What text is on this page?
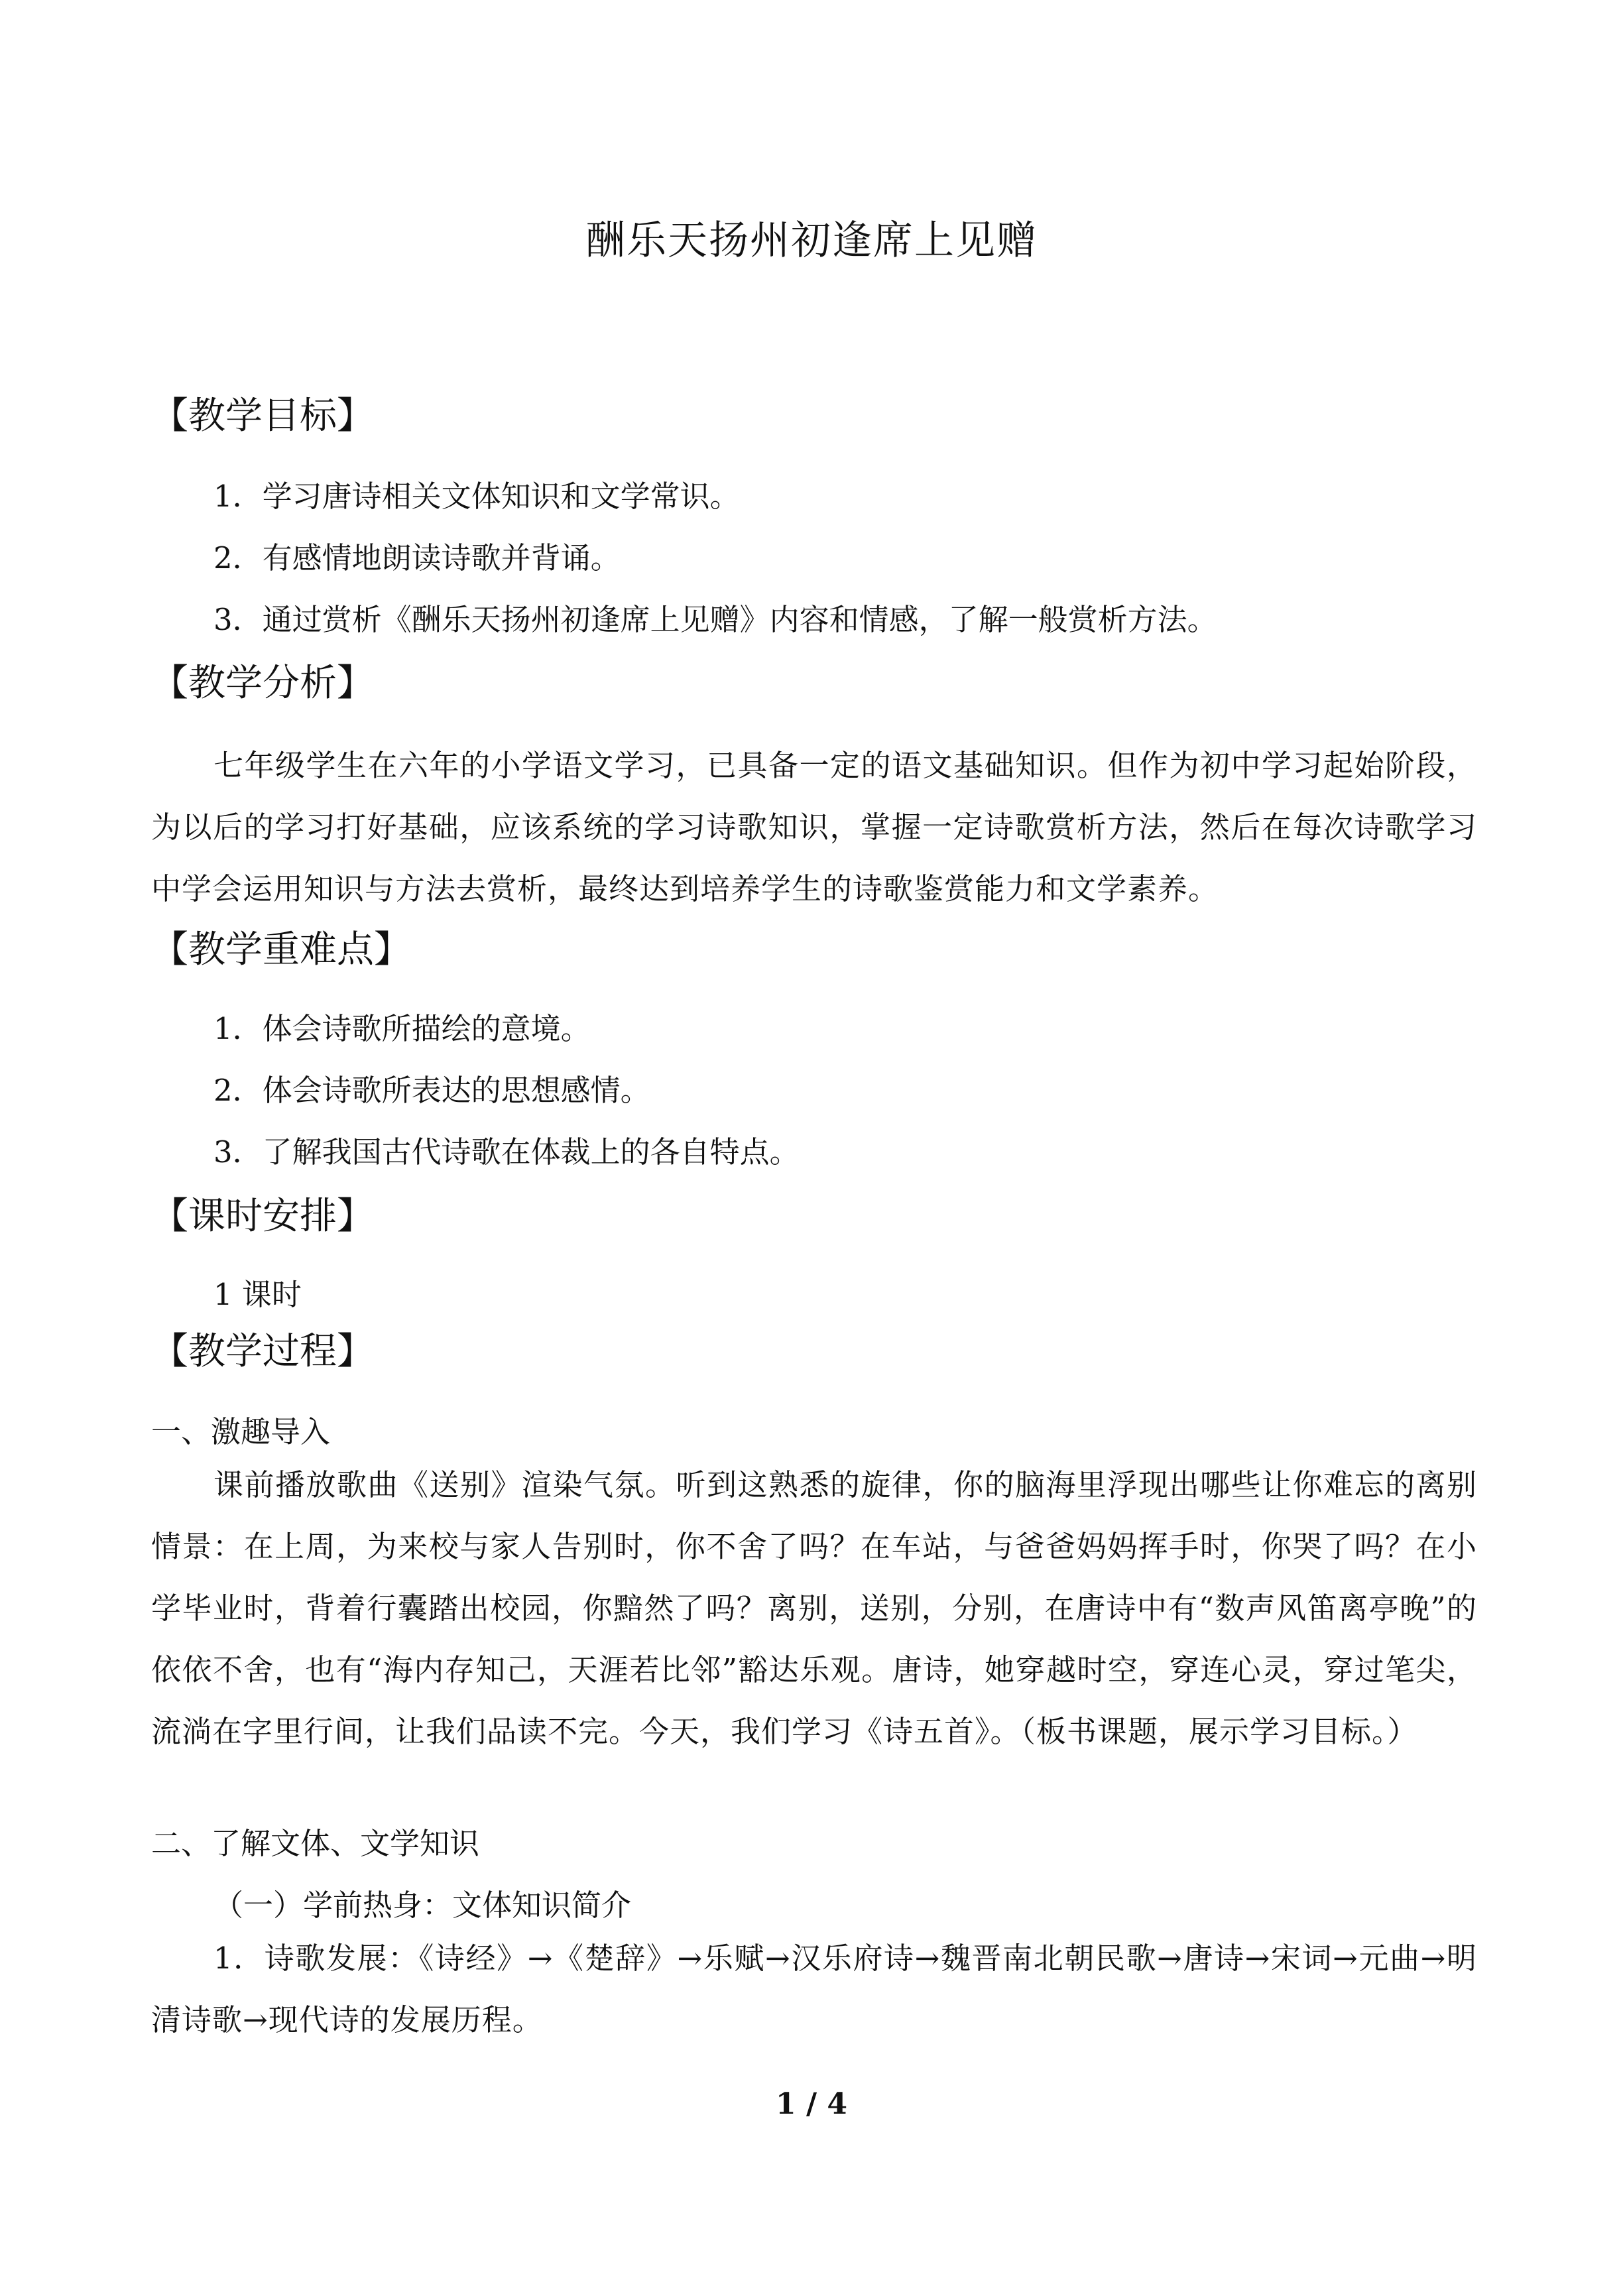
酬乐天扬州初逢席上见赠
【教学目标】
1．学习唐诗相关文体知识和文学常识。
2．有感情地朗读诗歌并背诵。
3．通过赏析《酬乐天扬州初逢席上见赠》内容和情感，了解一般赏析方法。
【教学分析】

七年级学生在六年的小学语文学习，已具备一定的语文基础知识。但作为初中学习起始阶段，为以后的学习打好基础，应该系统的学习诗歌知识，掌握一定诗歌赏析方法，然后在每次诗歌学习中学会运用知识与方法去赏析，最终达到培养学生的诗歌鉴赏能力和文学素养。

【教学重难点】
1．体会诗歌所描绘的意境。
2．体会诗歌所表达的思想感情。
3．了解我国古代诗歌在体裁上的各自特点。
【课时安排】
1 课时
【教学过程】
一、激趣导入

课前播放歌曲《送别》渲染气氛。听到这熟悉的旋律，你的脑海里浮现出哪些让你难忘的离别情景：在上周，为来校与家人告别时，你不舍了吗？在车站，与爸爸妈妈挥手时，你哭了吗？在小学毕业时，背着行囊踏出校园，你黯然了吗？离别，送别，分别，在唐诗中有“数声风笛离亭晚”的依依不舍，也有“海内存知己，天涯若比邻”豁达乐观。唐诗，她穿越时空，穿连心灵，穿过笔尖，流淌在字里行间，让我们品读不完。今天，我们学习《诗五首》。（板书课题，展示学习目标。）

二、了解文体、文学知识
（一）学前热身：文体知识简介

1．诗歌发展：《诗经》→《楚辞》→乐赋→汉乐府诗→魏晋南北朝民歌→唐诗→宋词→元曲→明清诗歌→现代诗的发展历程。

1 / 4
